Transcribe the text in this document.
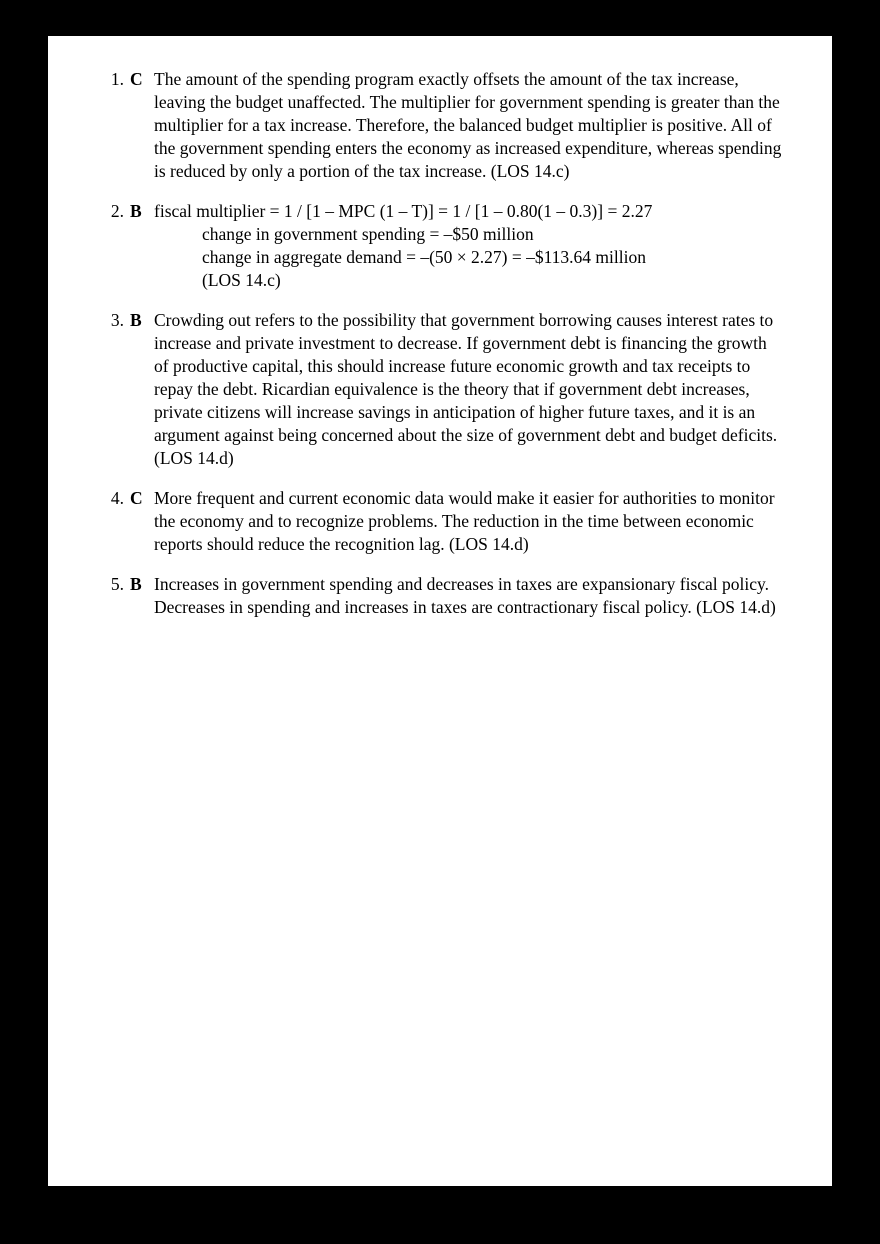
1. C The amount of the spending program exactly offsets the amount of the tax increase, leaving the budget unaffected. The multiplier for government spending is greater than the multiplier for a tax increase. Therefore, the balanced budget multiplier is positive. All of the government spending enters the economy as increased expenditure, whereas spending is reduced by only a portion of the tax increase. (LOS 14.c)
2. B fiscal multiplier = 1 / [1 – MPC (1 – T)] = 1 / [1 – 0.80(1 – 0.3)] = 2.27
change in government spending = –$50 million
change in aggregate demand = –(50 × 2.27) = –$113.64 million
(LOS 14.c)
3. B Crowding out refers to the possibility that government borrowing causes interest rates to increase and private investment to decrease. If government debt is financing the growth of productive capital, this should increase future economic growth and tax receipts to repay the debt. Ricardian equivalence is the theory that if government debt increases, private citizens will increase savings in anticipation of higher future taxes, and it is an argument against being concerned about the size of government debt and budget deficits. (LOS 14.d)
4. C More frequent and current economic data would make it easier for authorities to monitor the economy and to recognize problems. The reduction in the time between economic reports should reduce the recognition lag. (LOS 14.d)
5. B Increases in government spending and decreases in taxes are expansionary fiscal policy. Decreases in spending and increases in taxes are contractionary fiscal policy. (LOS 14.d)
